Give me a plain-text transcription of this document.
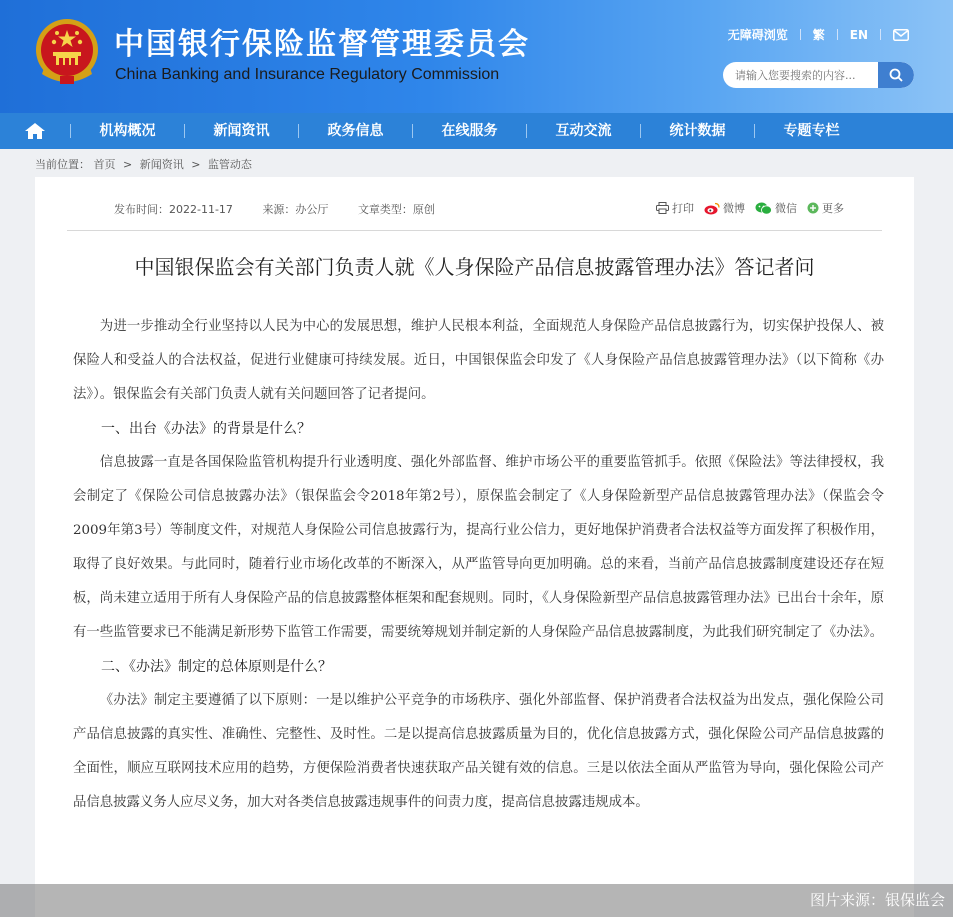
中国银行保险监督管理委员会
China Banking and Insurance Regulatory Commission
无障碍浏览 繁 EN
请输入您要搜索的内容...
机构概况	新闻资讯	政务信息	在线服务	互动交流	统计数据	专题专栏
当前位置： 首页 > 新闻资讯 > 监管动态
发布时间：2022-11-17	来源：办公厅	文章类型：原创	打印	微博	微信 更多
中国银保监会有关部门负责人就《人身保险产品信息披露管理办法》答记者问

为进一步推动全行业坚持以人民为中心的发展思想，维护人民根本利益，全面规范人身保险产品信息披露行为，切实保护投保人、被保险人和受益人的合法权益，促进行业健康可持续发展。近日，中国银保监会印发了《人身保险产品信息披露管理办法》（以下简称《办法》）。银保监会有关部门负责人就有关问题回答了记者提问。

一、出台《办法》的背景是什么？

信息披露一直是各国保险监管机构提升行业透明度、强化外部监督、维护市场公平的重要监管抓手。依照《保险法》等法律授权，我会制定了《保险公司信息披露办法》（银保监会令2018年第2号），原保监会制定了《人身保险新型产品信息披露管理办法》（保监会令2009年第3号）等制度文件，对规范人身保险公司信息披露行为，提高行业公信力，更好地保护消费者合法权益等方面发挥了积极作用，取得了良好效果。与此同时，随着行业市场化改革的不断深入，从严监管导向更加明确。总的来看，当前产品信息披露制度建设还存在短板，尚未建立适用于所有人身保险产品的信息披露整体框架和配套规则。同时，《人身保险新型产品信息披露管理办法》已出台十余年，原有一些监管要求已不能满足新形势下监管工作需要，需要统筹规划并制定新的人身保险产品信息披露制度，为此我们研究制定了《办法》。

二、《办法》制定的总体原则是什么？

《办法》制定主要遵循了以下原则：一是以维护公平竞争的市场秩序、强化外部监督、保护消费者合法权益为出发点，强化保险公司产品信息披露的真实性、准确性、完整性、及时性。二是以提高信息披露质量为目的，优化信息披露方式，强化保险公司产品信息披露的全面性，顺应互联网技术应用的趋势，方便保险消费者快速获取产品关键有效的信息。三是以依法全面从严监管为导向，强化保险公司产品信息披露义务人应尽义务，加大对各类信息披露违规事件的问责力度，提高信息披露违规成本。

图片来源：银保监会
